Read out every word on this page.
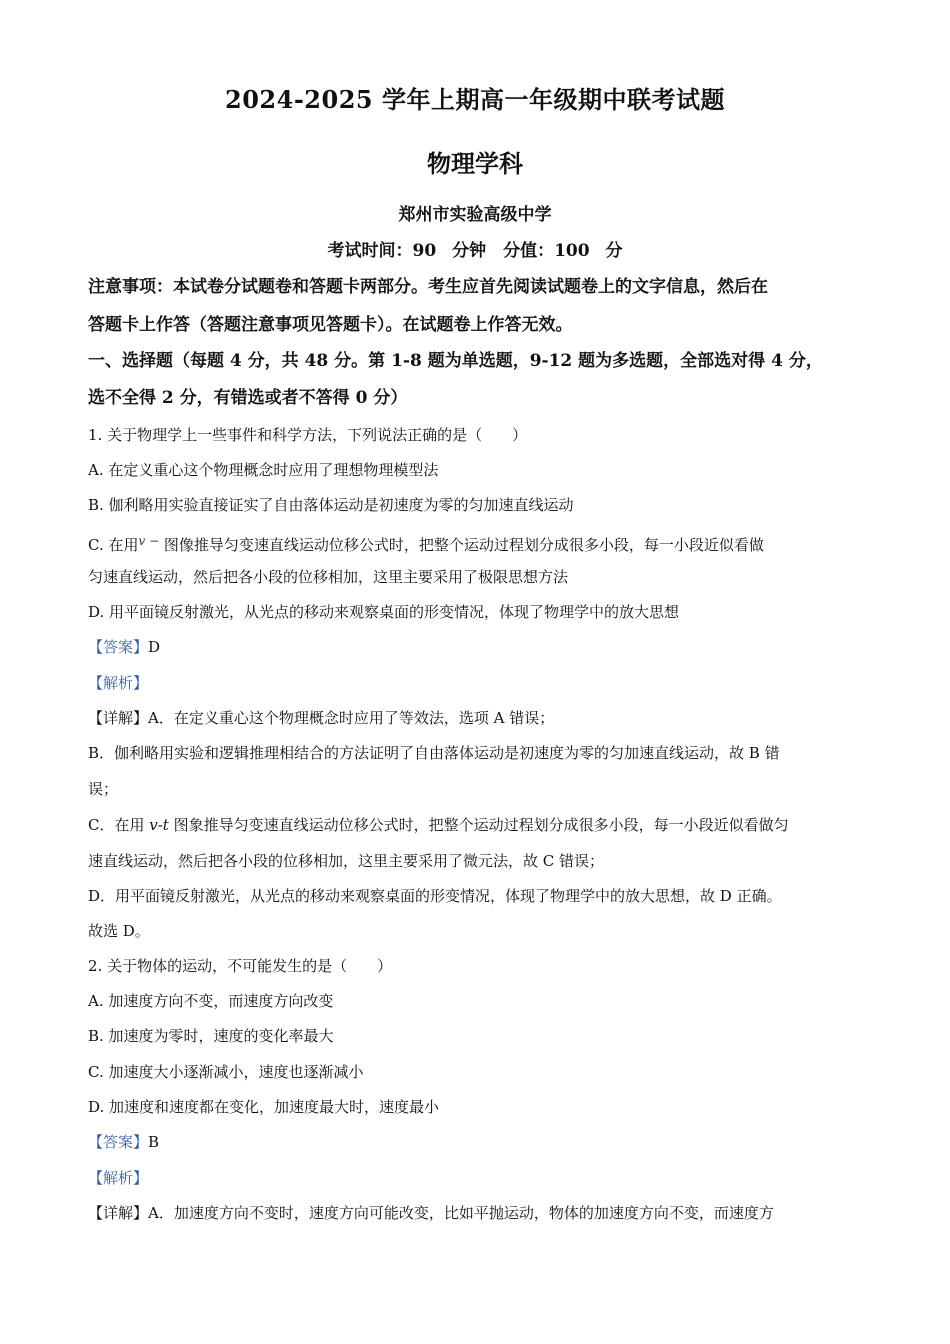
2024-2025 学年上期高一年级期中联考试题
物理学科
郑州市实验高级中学
考试时间：90 分钟　分值：100 分
注意事项：本试卷分试题卷和答题卡两部分。考生应首先阅读试题卷上的文字信息，然后在
答题卡上作答（答题注意事项见答题卡）。在试题卷上作答无效。
一、选择题（每题 4 分，共 48 分。第 1-8 题为单选题，9-12 题为多选题，全部选对得 4 分，
选不全得 2 分，有错选或者不答得 0 分）
1. 关于物理学上一些事件和科学方法，下列说法正确的是（　　）
A. 在定义重心这个物理概念时应用了理想物理模型法
B. 伽利略用实验直接证实了自由落体运动是初速度为零的匀加速直线运动
C. 在用$^{v -}$ 图像推导匀变速直线运动位移公式时，把整个运动过程划分成很多小段，每一小段近似看做
匀速直线运动，然后把各小段的位移相加，这里主要采用了极限思想方法
D. 用平面镜反射激光，从光点的移动来观察桌面的形变情况，体现了物理学中的放大思想
【答案】D
【解析】
【详解】A．在定义重心这个物理概念时应用了等效法，选项 A 错误；
B．伽利略用实验和逻辑推理相结合的方法证明了自由落体运动是初速度为零的匀加速直线运动，故 B 错
误；
C．在用 v-t 图象推导匀变速直线运动位移公式时，把整个运动过程划分成很多小段，每一小段近似看做匀
速直线运动，然后把各小段的位移相加，这里主要采用了微元法，故 C 错误；
D．用平面镜反射激光，从光点的移动来观察桌面的形变情况，体现了物理学中的放大思想，故 D 正确。
故选 D。
2. 关于物体的运动，不可能发生的是（　　）
A. 加速度方向不变，而速度方向改变
B. 加速度为零时，速度的变化率最大
C. 加速度大小逐渐减小，速度也逐渐减小
D. 加速度和速度都在变化，加速度最大时，速度最小
【答案】B
【解析】
【详解】A．加速度方向不变时，速度方向可能改变，比如平抛运动，物体的加速度方向不变，而速度方
